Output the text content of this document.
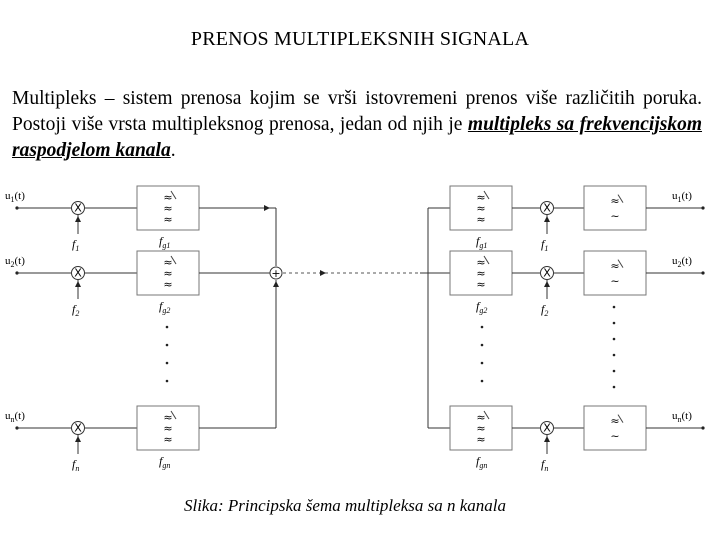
PRENOS MULTIPLEKSNIH SIGNALA
Multipleks – sistem prenosa kojim se vrši istovremeni prenos više različitih poruka. Postoji više vrsta multipleksnog prenosa, jedan od njih je multipleks sa frekvencijskom raspodjelom kanala.
$u_1(t)$
X
$f_1$
≈
≈
≈
$f_{g1}$
$u_2(t)$
X
$f_2$
≈
≈
≈
$f_{g2}$
$u_n(t)$
X
$f_n$
≈
≈
≈
$f_{gn}$
+
≈
≈
≈
$f_{g1}$
X
$f_1$
≈
~
$u_1(t)$
≈
≈
≈
$f_{g2}$
X
$f_2$
≈
~
$u_2(t)$
≈
≈
≈
$f_{gn}$
X
$f_n$
≈
~
$u_n(t)$
Slika: Principska šema multipleksa sa n kanala
